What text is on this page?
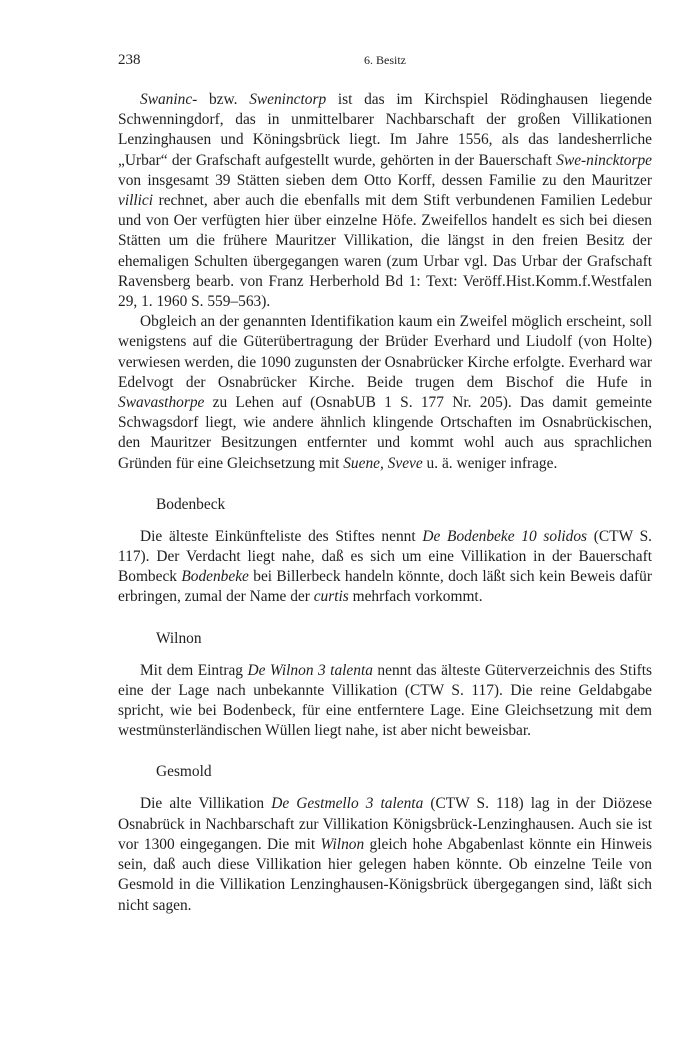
238	6. Besitz

Swaninc- bzw. Sweninctorp ist das im Kirchspiel Rödinghausen liegende Schwenningdorf, das in unmittelbarer Nachbarschaft der großen Villikationen Lenzinghausen und Köningsbrück liegt. Im Jahre 1556, als das landesherrliche „Urbar“ der Grafschaft aufgestellt wurde, gehörten in der Bauerschaft Swe-nincktorpe von insgesamt 39 Stätten sieben dem Otto Korff, dessen Familie zu den Mauritzer villici rechnet, aber auch die ebenfalls mit dem Stift verbundenen Familien Ledebur und von Oer verfügten hier über einzelne Höfe. Zweifellos handelt es sich bei diesen Stätten um die frühere Mauritzer Villikation, die längst in den freien Besitz der ehemaligen Schulten übergegangen waren (zum Urbar vgl. Das Urbar der Grafschaft Ravensberg bearb. von Franz Herberhold Bd 1: Text: Veröff.Hist.Komm.f.Westfalen 29, 1. 1960 S. 559–563).

Obgleich an der genannten Identifikation kaum ein Zweifel möglich erscheint, soll wenigstens auf die Güterübertragung der Brüder Everhard und Liudolf (von Holte) verwiesen werden, die 1090 zugunsten der Osnabrücker Kirche erfolgte. Everhard war Edelvogt der Osnabrücker Kirche. Beide trugen dem Bischof die Hufe in Swavasthorpe zu Lehen auf (OsnabUB 1 S. 177 Nr. 205). Das damit gemeinte Schwagsdorf liegt, wie andere ähnlich klingende Ortschaften im Osnabrückischen, den Mauritzer Besitzungen entfernter und kommt wohl auch aus sprachlichen Gründen für eine Gleichsetzung mit Suene, Sveve u. ä. weniger infrage.

Bodenbeck

Die älteste Einkünfteliste des Stiftes nennt De Bodenbeke 10 solidos (CTW S. 117). Der Verdacht liegt nahe, daß es sich um eine Villikation in der Bauerschaft Bombeck Bodenbeke bei Billerbeck handeln könnte, doch läßt sich kein Beweis dafür erbringen, zumal der Name der curtis mehrfach vorkommt.

Wilnon

Mit dem Eintrag De Wilnon 3 talenta nennt das älteste Güterverzeichnis des Stifts eine der Lage nach unbekannte Villikation (CTW S. 117). Die reine Geldabgabe spricht, wie bei Bodenbeck, für eine entferntere Lage. Eine Gleichsetzung mit dem westmünsterländischen Wüllen liegt nahe, ist aber nicht beweisbar.

Gesmold

Die alte Villikation De Gestmello 3 talenta (CTW S. 118) lag in der Diözese Osnabrück in Nachbarschaft zur Villikation Königsbrück-Lenzinghausen. Auch sie ist vor 1300 eingegangen. Die mit Wilnon gleich hohe Abgabenlast könnte ein Hinweis sein, daß auch diese Villikation hier gelegen haben könnte. Ob einzelne Teile von Gesmold in die Villikation Lenzinghausen-Königsbrück übergegangen sind, läßt sich nicht sagen.
